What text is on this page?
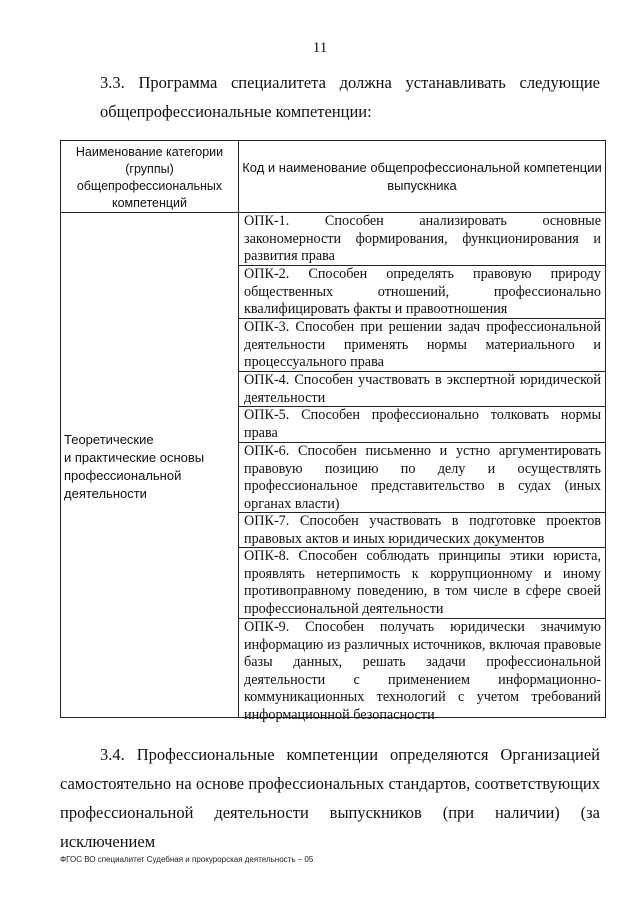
11
3.3. Программа специалитета должна устанавливать следующие
общепрофессиональные компетенции:
Наименование категории (группы) общепрофессиональных компетенций
Код и наименование общепрофессиональной компетенции выпускника
Теоретические
и практические основы
профессиональной
деятельности
ОПК-1. Способен анализировать основные закономерности формирования, функционирования и развития права
ОПК-2. Способен определять правовую природу общественных отношений, профессионально квалифицировать факты и правоотношения
ОПК-3. Способен при решении задач профессиональной деятельности применять нормы материального и процессуального права
ОПК-4. Способен участвовать в экспертной юридической деятельности
ОПК-5. Способен профессионально толковать нормы права
ОПК-6. Способен письменно и устно аргументировать правовую позицию по делу и осуществлять профессиональное представительство в судах (иных органах власти)
ОПК-7. Способен участвовать в подготовке проектов правовых актов и иных юридических документов
ОПК-8. Способен соблюдать принципы этики юриста, проявлять нетерпимость к коррупционному и иному противоправному поведению, в том числе в сфере своей профессиональной деятельности
ОПК-9. Способен получать юридически значимую информацию из различных источников, включая правовые базы данных, решать задачи профессиональной деятельности с применением информационно-коммуникационных технологий с учетом требований информационной безопасности
3.4. Профессиональные компетенции определяются Организацией самостоятельно на основе профессиональных стандартов, соответствующих профессиональной деятельности выпускников (при наличии) (за исключением
ФГОС ВО специалитет Судебная и прокурорская деятельность – 05
